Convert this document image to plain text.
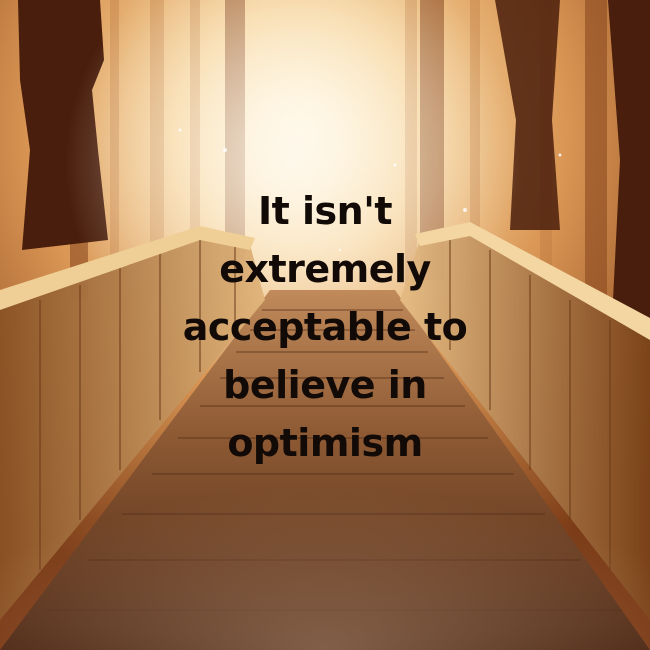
It isn't
extremely
acceptable to
believe in
optimism
